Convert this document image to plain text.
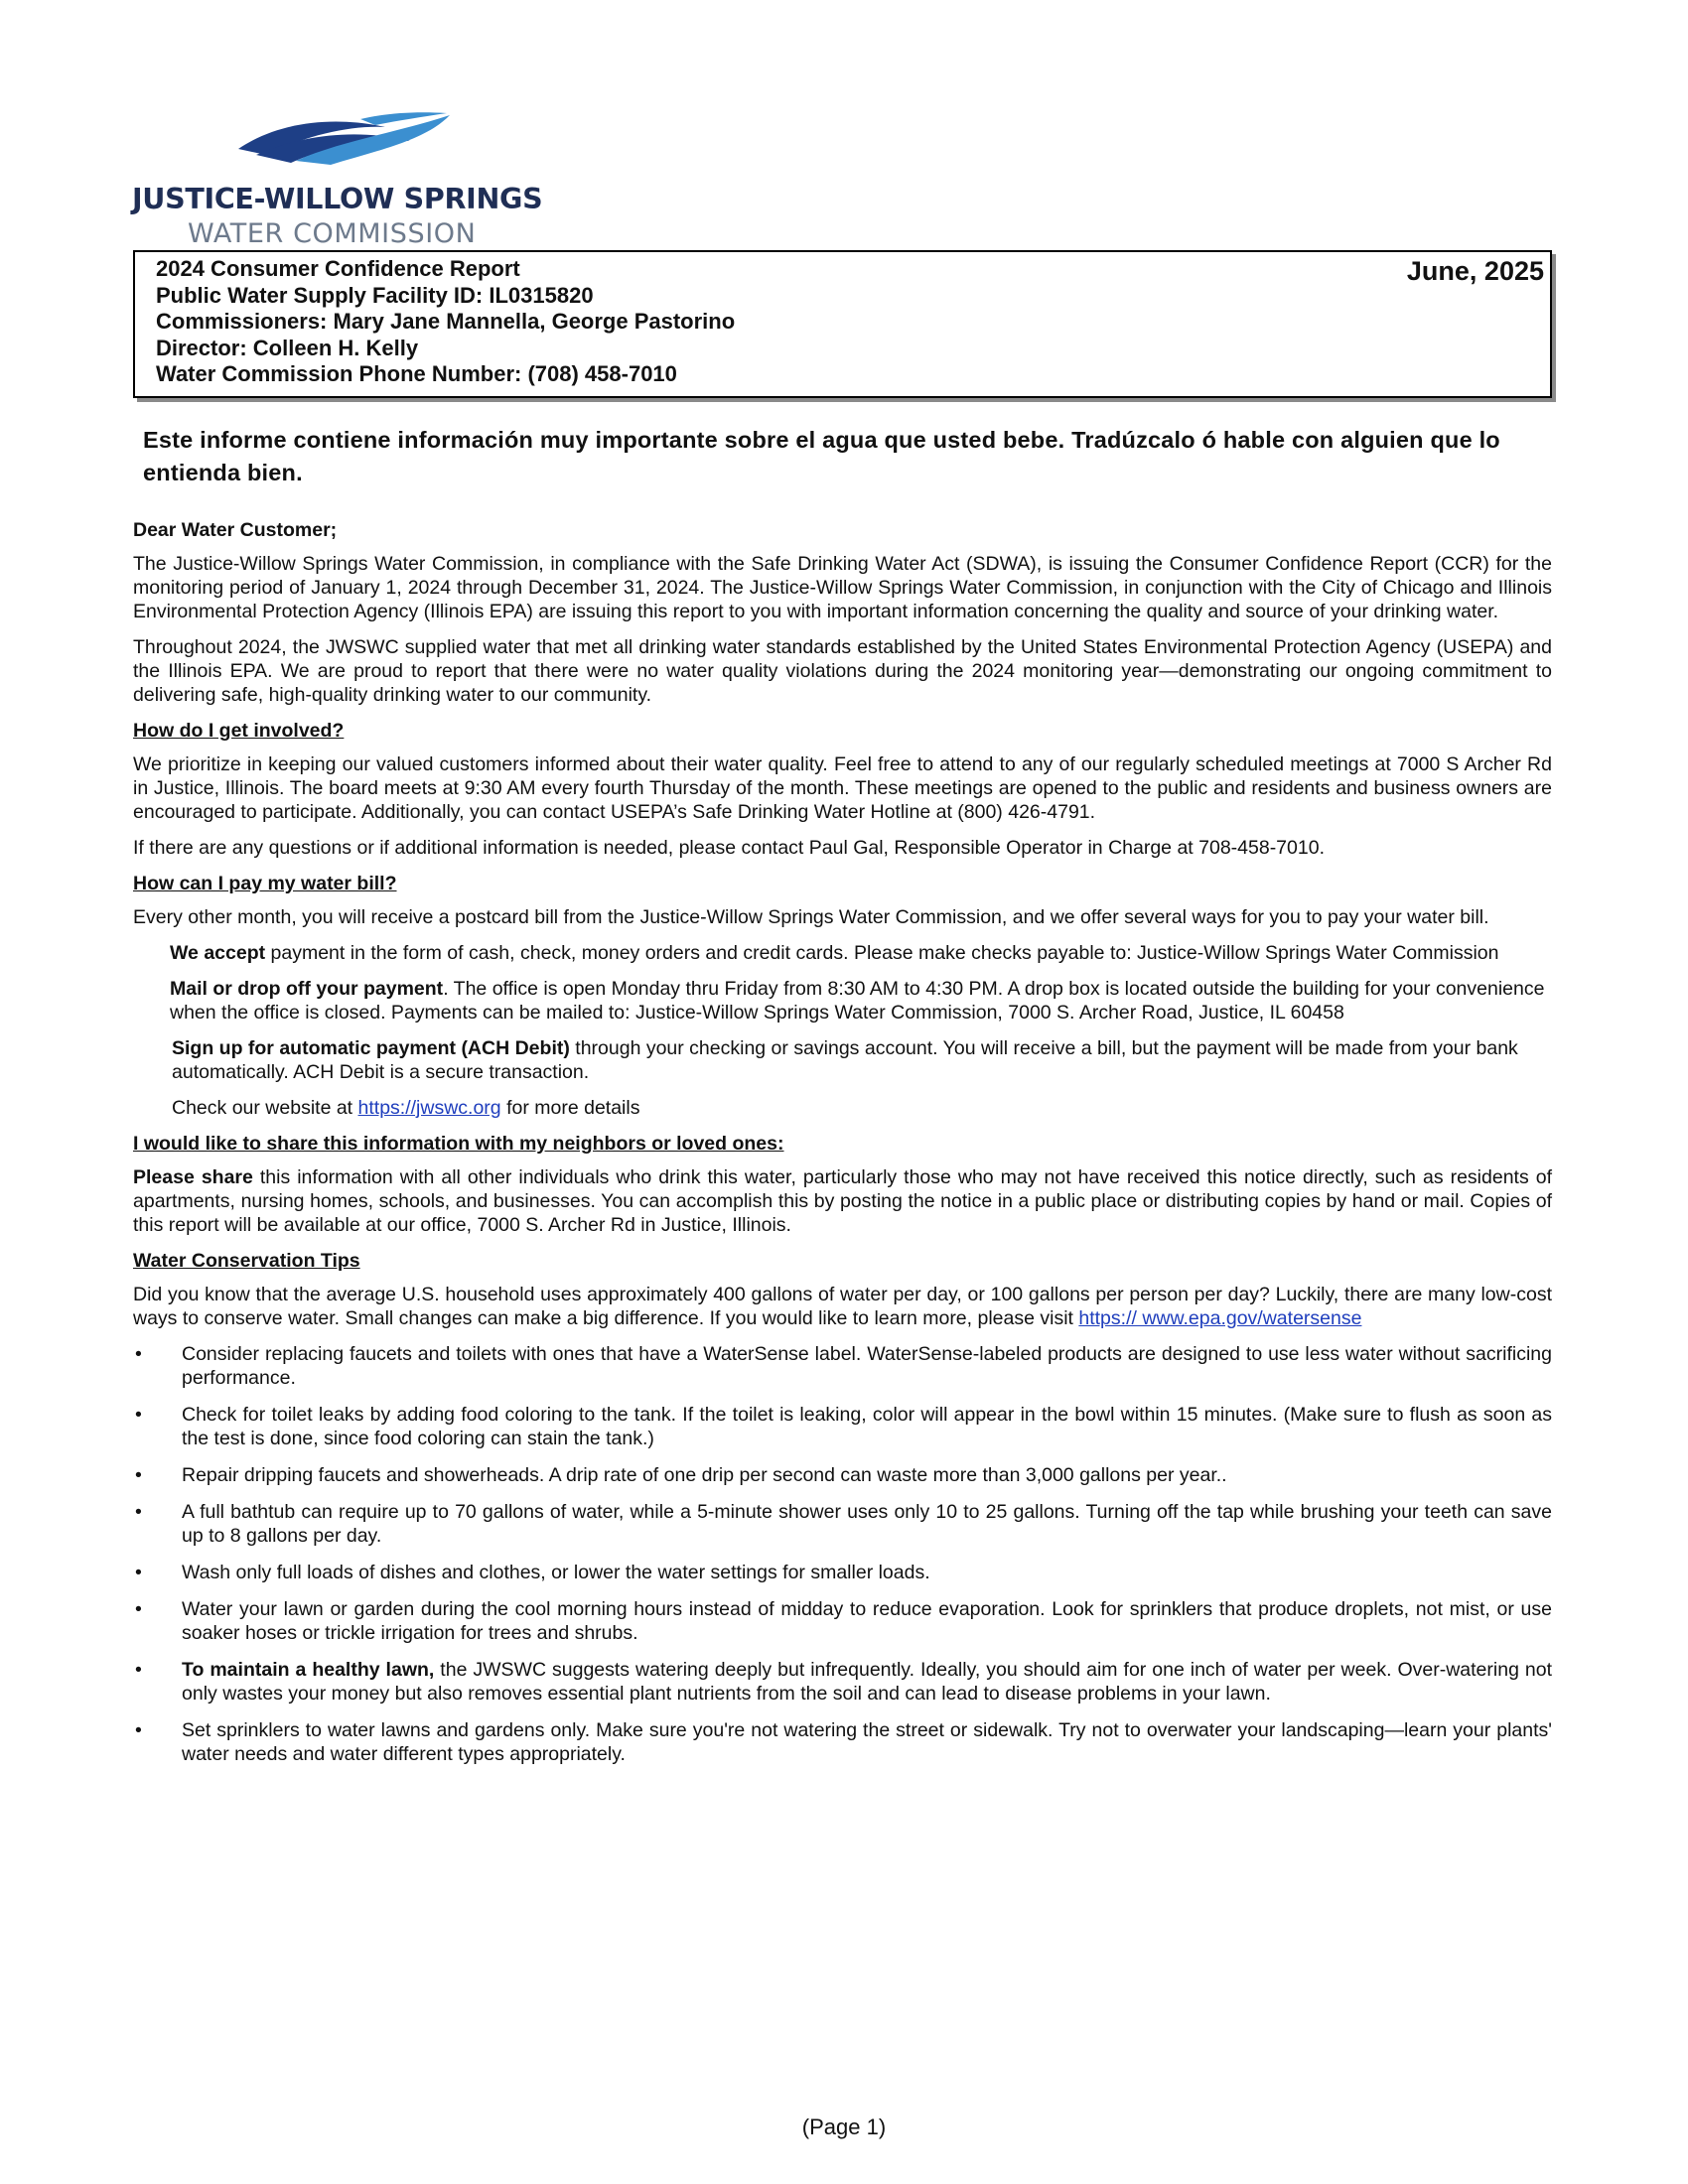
JUSTICE-WILLOW SPRINGS
WATER COMMISSION
2024 Consumer Confidence Report
Public Water Supply Facility ID: IL0315820
Commissioners: Mary Jane Mannella, George Pastorino
Director: Colleen H. Kelly
Water Commission Phone Number: (708) 458-7010
June, 2025
Este informe contiene información muy importante sobre el agua que usted bebe. Tradúzcalo ó hable con alguien que lo entienda bien.

Dear Water Customer;

The Justice-Willow Springs Water Commission, in compliance with the Safe Drinking Water Act (SDWA), is issuing the Consumer Confidence Report (CCR) for the monitoring period of January 1, 2024 through December 31, 2024. The Justice-Willow Springs Water Commission, in conjunction with the City of Chicago and Illinois Environmental Protection Agency (Illinois EPA) are issuing this report to you with important information concerning the quality and source of your drinking water.

Throughout 2024, the JWSWC supplied water that met all drinking water standards established by the United States Environmental Protection Agency (USEPA) and the Illinois EPA. We are proud to report that there were no water quality violations during the 2024 monitoring year—demonstrating our ongoing commitment to delivering safe, high-quality drinking water to our community.

How do I get involved?

We prioritize in keeping our valued customers informed about their water quality. Feel free to attend to any of our regularly scheduled meetings at 7000 S Archer Rd in Justice, Illinois. The board meets at 9:30 AM every fourth Thursday of the month. These meetings are opened to the public and residents and business owners are encouraged to participate. Additionally, you can contact USEPA’s Safe Drinking Water Hotline at (800) 426-4791.

If there are any questions or if additional information is needed, please contact Paul Gal, Responsible Operator in Charge at 708-458-7010.

How can I pay my water bill?

Every other month, you will receive a postcard bill from the Justice-Willow Springs Water Commission, and we offer several ways for you to pay your water bill.

We accept payment in the form of cash, check, money orders and credit cards. Please make checks payable to: Justice-Willow Springs Water Commission

Mail or drop off your payment. The office is open Monday thru Friday from 8:30 AM to 4:30 PM. A drop box is located outside the building for your convenience when the office is closed. Payments can be mailed to: Justice-Willow Springs Water Commission, 7000 S. Archer Road, Justice, IL 60458

Sign up for automatic payment (ACH Debit) through your checking or savings account. You will receive a bill, but the payment will be made from your bank automatically. ACH Debit is a secure transaction.

Check our website at https://jwswc.org for more details

I would like to share this information with my neighbors or loved ones:

Please share this information with all other individuals who drink this water, particularly those who may not have received this notice directly, such as residents of apartments, nursing homes, schools, and businesses. You can accomplish this by posting the notice in a public place or distributing copies by hand or mail. Copies of this report will be available at our office, 7000 S. Archer Rd in Justice, Illinois.

Water Conservation Tips

Did you know that the average U.S. household uses approximately 400 gallons of water per day, or 100 gallons per person per day? Luckily, there are many low-cost ways to conserve water. Small changes can make a big difference. If you would like to learn more, please visit https:// www.epa.gov/watersense

• Consider replacing faucets and toilets with ones that have a WaterSense label. WaterSense-labeled products are designed to use less water without sacrificing performance.
• Check for toilet leaks by adding food coloring to the tank. If the toilet is leaking, color will appear in the bowl within 15 minutes. (Make sure to flush as soon as the test is done, since food coloring can stain the tank.)
• Repair dripping faucets and showerheads. A drip rate of one drip per second can waste more than 3,000 gallons per year..
• A full bathtub can require up to 70 gallons of water, while a 5-minute shower uses only 10 to 25 gallons. Turning off the tap while brushing your teeth can save up to 8 gallons per day.
• Wash only full loads of dishes and clothes, or lower the water settings for smaller loads.
• Water your lawn or garden during the cool morning hours instead of midday to reduce evaporation. Look for sprinklers that produce droplets, not mist, or use soaker hoses or trickle irrigation for trees and shrubs.
• To maintain a healthy lawn, the JWSWC suggests watering deeply but infrequently. Ideally, you should aim for one inch of water per week. Over-watering not only wastes your money but also removes essential plant nutrients from the soil and can lead to disease problems in your lawn.
• Set sprinklers to water lawns and gardens only. Make sure you're not watering the street or sidewalk. Try not to overwater your landscaping—learn your plants' water needs and water different types appropriately.
(Page 1)
